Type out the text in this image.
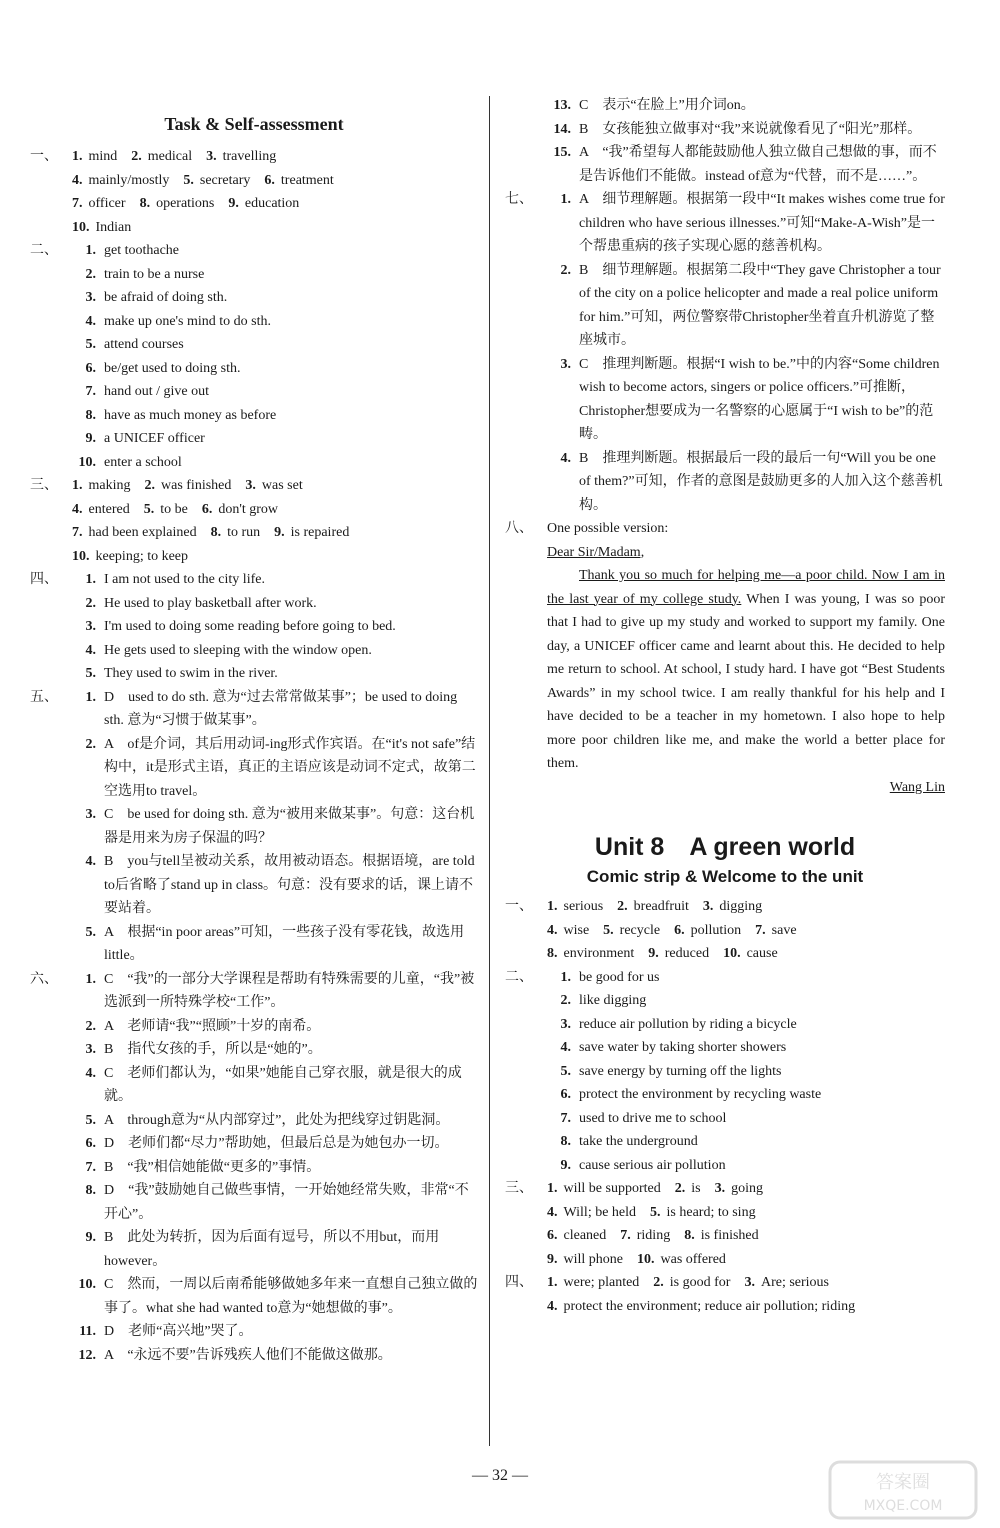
Task & Self-assessment
一、	1. mind 2. medical 3. travelling
4. mainly/mostly 5. secretary 6. treatment
7. officer 8. operations 9. education
10. Indian
二、	1. get toothache
2. train to be a nurse
3. be afraid of doing sth.
4. make up one's mind to do sth.
5. attend courses
6. be/get used to doing sth.
7. hand out / give out
8. have as much money as before
9. a UNICEF officer
10. enter a school
三、	1. making 2. was finished 3. was set
4. entered 5. to be 6. don't grow
7. had been explained 8. to run 9. is repaired
10. keeping; to keep
四、	1. I am not used to the city life.
2. He used to play basketball after work.
3. I'm used to doing some reading before going to bed.
4. He gets used to sleeping with the window open.
5. They used to swim in the river.
五、	1. D　used to do sth. 意为“过去常常做某事”；be used to doing sth. 意为“习惯于做某事”。
2. A　of是介词，其后用动词-ing形式作宾语。在“it's not safe”结构中，it是形式主语，真正的主语应该是动词不定式，故第二空选用to travel。
3. C　be used for doing sth. 意为“被用来做某事”。句意：这台机器是用来为房子保温的吗？
4. B　you与tell呈被动关系，故用被动语态。根据语境，are told to后省略了stand up in class。句意：没有要求的话，课上请不要站着。
5. A　根据“in poor areas”可知，一些孩子没有零花钱，故选用little。
六、	1. C　“我”的一部分大学课程是帮助有特殊需要的儿童，“我”被选派到一所特殊学校“工作”。
2. A　老师请“我”“照顾”十岁的南希。
3. B　指代女孩的手，所以是“她的”。
4. C　老师们都认为，“如果”她能自己穿衣服，就是很大的成就。
5. A　through意为“从内部穿过”，此处为把线穿过钥匙洞。
6. D　老师们都“尽力”帮助她，但最后总是为她包办一切。
7. B　“我”相信她能做“更多的”事情。
8. D　“我”鼓励她自己做些事情，一开始她经常失败，非常“不开心”。
9. B　此处为转折，因为后面有逗号，所以不用but，而用however。
10. C　然而，一周以后南希能够做她多年来一直想自己独立做的事了。what she had wanted to意为“她想做的事”。
11. D　老师“高兴地”哭了。
12. A　“永远不要”告诉残疾人他们不能做这做那。
13. C　表示“在脸上”用介词on。
14. B　女孩能独立做事对“我”来说就像看见了“阳光”那样。
15. A　“我”希望每人都能鼓励他人独立做自己想做的事，而不是告诉他们不能做。instead of意为“代替，而不是……”。
七、	1. A　细节理解题。根据第一段中“It makes wishes come true for children who have serious illnesses.”可知“Make-A-Wish”是一个帮患重病的孩子实现心愿的慈善机构。
2. B　细节理解题。根据第二段中“They gave Christopher a tour of the city on a police helicopter and made a real police uniform for him.”可知，两位警察带Christopher坐着直升机游览了整座城市。
3. C　推理判断题。根据“I wish to be.”中的内容“Some children wish to become actors, singers or police officers.”可推断，Christopher想要成为一名警察的心愿属于“I wish to be”的范畴。
4. B　推理判断题。根据最后一段的最后一句“Will you be one of them?”可知，作者的意图是鼓励更多的人加入这个慈善机构。
八、	One possible version:
Dear Sir/Madam,
Thank you so much for helping me—a poor child. Now I am in the last year of my college study. When I was young, I was so poor that I had to give up my study and worked to support my family. One day, a UNICEF officer came and learnt about this. He decided to help me return to school. At school, I study hard. I have got “Best Students Awards” in my school twice. I am really thankful for his help and I have decided to be a teacher in my hometown. I also hope to help more poor children like me, and make the world a better place for them.
Wang Lin
Unit 8　A green world
Comic strip & Welcome to the unit
一、	1. serious 2. breadfruit 3. digging
4. wise 5. recycle 6. pollution 7. save
8. environment 9. reduced 10. cause
二、	1. be good for us
2. like digging
3. reduce air pollution by riding a bicycle
4. save water by taking shorter showers
5. save energy by turning off the lights
6. protect the environment by recycling waste
7. used to drive me to school
8. take the underground
9. cause serious air pollution
三、	1. will be supported 2. is 3. going
4. Will; be held 5. is heard; to sing
6. cleaned 7. riding 8. is finished
9. will phone 10. was offered
四、	1. were; planted 2. is good for 3. Are; serious
4. protect the environment; reduce air pollution; riding
— 32 —	答案圈
MXQE.COM
